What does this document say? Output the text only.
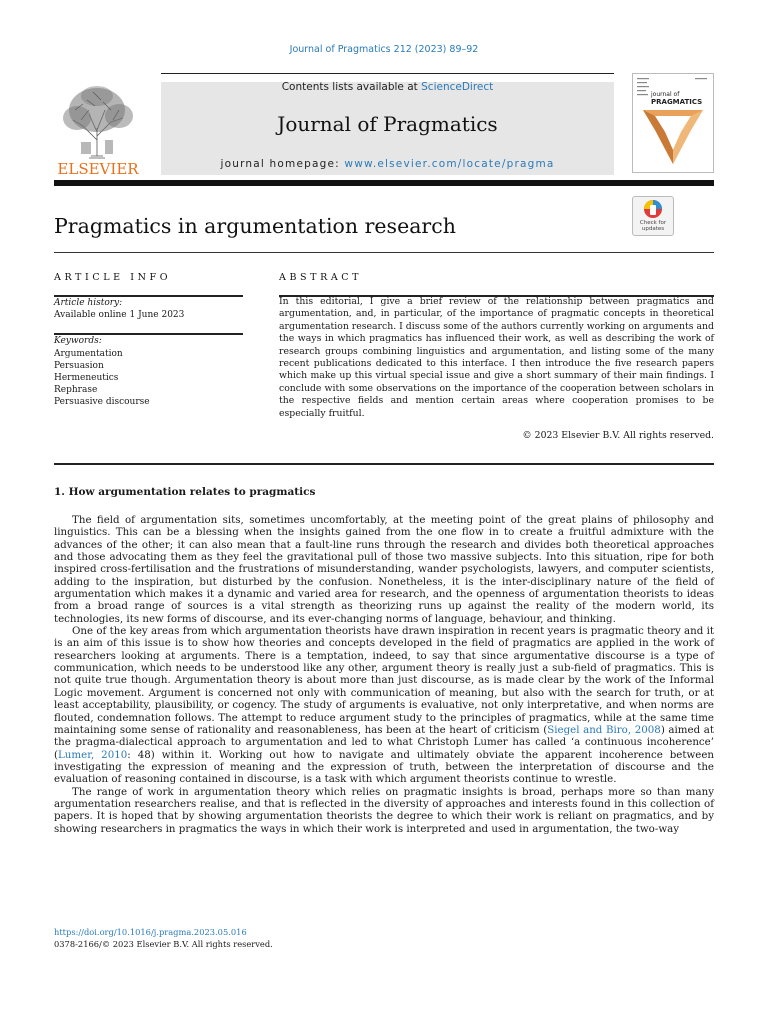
Journal of Pragmatics 212 (2023) 89–92
ELSEVIER
Contents lists available at ScienceDirect
Journal of Pragmatics
journal homepage: www.elsevier.com/locate/pragma
journal of
PRAGMATICS
Pragmatics in argumentation research	Check for
updates
ARTICLE INFO
Article history:
Available online 1 June 2023
Keywords:
Argumentation
Persuasion
Hermeneutics
Rephrase
Persuasive discourse
ABSTRACT
In this editorial, I give a brief review of the relationship between pragmatics and argumentation, and, in particular, of the importance of pragmatic concepts in theoretical argumentation research. I discuss some of the authors currently working on arguments and the ways in which pragmatics has influenced their work, as well as describing the work of research groups combining linguistics and argumentation, and listing some of the many recent publications dedicated to this interface. I then introduce the five research papers which make up this virtual special issue and give a short summary of their main findings. I conclude with some observations on the importance of the cooperation between scholars in the respective fields and mention certain areas where cooperation promises to be especially fruitful.
© 2023 Elsevier B.V. All rights reserved.
1. How argumentation relates to pragmatics

The field of argumentation sits, sometimes uncomfortably, at the meeting point of the great plains of philosophy and linguistics. This can be a blessing when the insights gained from the one flow in to create a fruitful admixture with the advances of the other; it can also mean that a fault-line runs through the research and divides both theoretical approaches and those advocating them as they feel the gravitational pull of those two massive subjects. Into this situation, ripe for both inspired cross-fertilisation and the frustrations of misunderstanding, wander psychologists, lawyers, and computer scientists, adding to the inspiration, but disturbed by the confusion. Nonetheless, it is the inter-disciplinary nature of the field of argumentation which makes it a dynamic and varied area for research, and the openness of argumentation theorists to ideas from a broad range of sources is a vital strength as theorizing runs up against the reality of the modern world, its technologies, its new forms of discourse, and its ever-changing norms of language, behaviour, and thinking.

One of the key areas from which argumentation theorists have drawn inspiration in recent years is pragmatic theory and it is an aim of this issue is to show how theories and concepts developed in the field of pragmatics are applied in the work of researchers looking at arguments. There is a temptation, indeed, to say that since argumentative discourse is a type of communication, which needs to be understood like any other, argument theory is really just a sub-field of pragmatics. This is not quite true though. Argumentation theory is about more than just discourse, as is made clear by the work of the Informal Logic movement. Argument is concerned not only with communication of meaning, but also with the search for truth, or at least acceptability, plausibility, or cogency. The study of arguments is evaluative, not only interpretative, and when norms are flouted, condemnation follows. The attempt to reduce argument study to the principles of pragmatics, while at the same time maintaining some sense of rationality and reasonableness, has been at the heart of criticism (Siegel and Biro, 2008) aimed at the pragma-dialectical approach to argumentation and led to what Christoph Lumer has called ‘a continuous incoherence’ (Lumer, 2010: 48) within it. Working out how to navigate and ultimately obviate the apparent incoherence between investigating the expression of meaning and the expression of truth, between the interpretation of discourse and the evaluation of reasoning contained in discourse, is a task with which argument theorists continue to wrestle.

The range of work in argumentation theory which relies on pragmatic insights is broad, perhaps more so than many argumentation researchers realise, and that is reflected in the diversity of approaches and interests found in this collection of papers. It is hoped that by showing argumentation theorists the degree to which their work is reliant on pragmatics, and by showing researchers in pragmatics the ways in which their work is interpreted and used in argumentation, the two-way

https://doi.org/10.1016/j.pragma.2023.05.016
0378-2166/© 2023 Elsevier B.V. All rights reserved.
